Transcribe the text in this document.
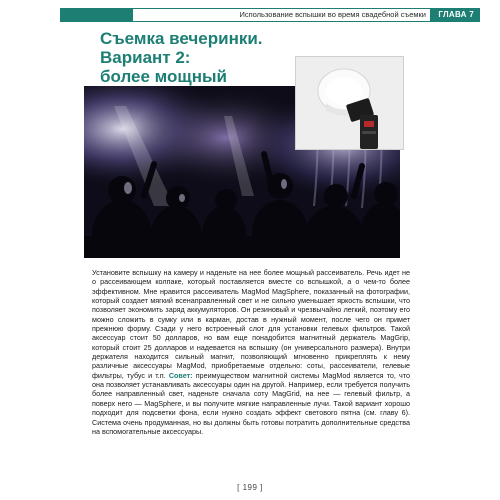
Использование вспышки во время свадебной съемки	ГЛАВА 7
Съемка вечеринки. Вариант 2:
более мощный
Установите вспышку на камеру и наденьте на нее более мощный рассеиватель. Речь идет не о рассеивающем колпаке, который поставляется вместе со вспышкой, а о чем-то более эффективном. Мне нравится рассеиватель MagMod MagSphere, показанный на фотографии, который создает мягкий всенаправленный свет и не сильно уменьшает яркость вспышки, что позволяет экономить заряд аккумуляторов. Он резиновый и чрезвычайно легкий, поэтому его можно сложить в сумку или в карман, достав в нужный момент, после чего он примет прежнюю форму. Сзади у него встроенный слот для установки гелевых фильтров. Такой аксессуар стоит 50 долларов, но вам еще понадобится магнитный держатель MagGrip, который стоит 25 долларов и надевается на вспышку (он универсального размера). Внутри держателя находится сильный магнит, позволяющий мгновенно прикреплять к нему различные аксессуары MagMod, приобретаемые отдельно: соты, рассеиватели, гелевые фильтры, тубус и т.п. Совет: преимуществом магнитной системы MagMod является то, что она позволяет устанавливать аксессуары один на другой. Например, если требуется получить более направленный свет, наденьте сначала соту MagGrid, на нее — гелевый фильтр, а поверх него — MagSphere, и вы получите мягкие направленные лучи. Такой вариант хорошо подходит для подсветки фона, если нужно создать эффект светового пятна (см. главу 6). Система очень продуманная, но вы должны быть готовы потратить дополнительные средства на вспомогательные аксессуары.
[ 199 ]
